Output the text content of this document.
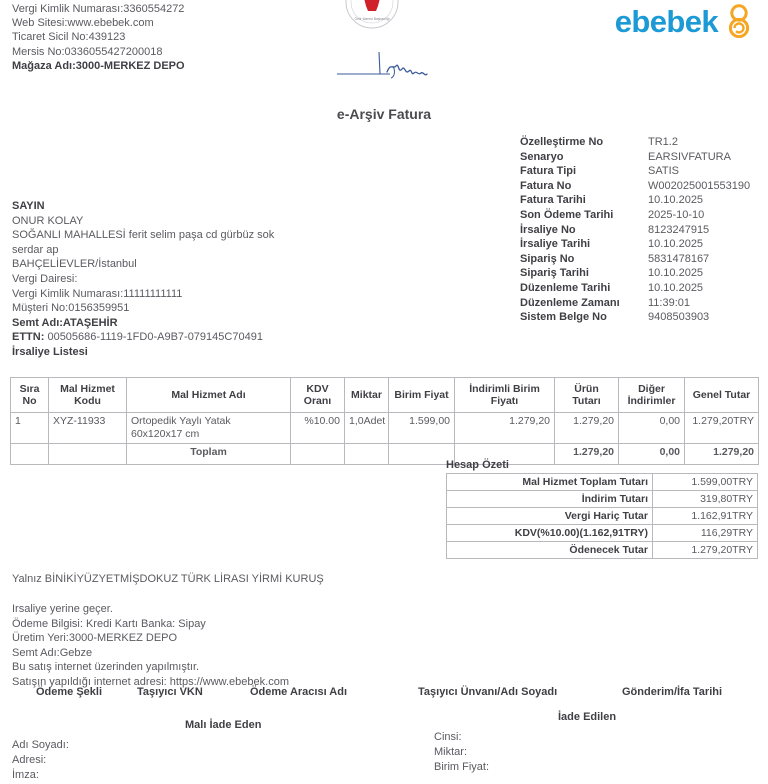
Vergi Kimlik Numarası:3360554272
Web Sitesi:www.ebebek.com
Ticaret Sicil No:439123
Mersis No:0336055427200018
Mağaza Adı:3000-MERKEZ DEPO
Gelir İdaresi Başkanlığı	ebebek
e-Arşiv Fatura
Özelleştirme No	TR1.2
Senaryo	EARSIVFATURA
Fatura Tipi	SATIS
Fatura No	W002025001553190
Fatura Tarihi	10.10.2025
Son Ödeme Tarihi	2025-10-10
İrsaliye No	8123247915
İrsaliye Tarihi	10.10.2025
Sipariş No	5831478167
Sipariş Tarihi	10.10.2025
Düzenleme Tarihi	10.10.2025
Düzenleme Zamanı	11:39:01
Sistem Belge No	9408503903
SAYIN
ONUR KOLAY
SOĞANLI MAHALLESİ ferit selim paşa cd gürbüz sok
serdar ap
BAHÇELİEVLER/İstanbul
Vergi Dairesi:
Vergi Kimlik Numarası:11111111111
Müşteri No:0156359951
Semt Adı:ATAŞEHİR
ETTN: 00505686-1119-1FD0-A9B7-079145C70491
İrsaliye Listesi
Sıra No	Mal Hizmet Kodu	Mal Hizmet Adı	KDV Oranı	Miktar	Birim Fiyat	İndirimli Birim Fiyatı	Ürün Tutarı	Diğer İndirimler	Genel Tutar
1	XYZ-11933	Ortopedik Yaylı Yatak
60x120x17 cm	%10.00	1,0Adet	1.599,00	1.279,20	1.279,20	0,00	1.279,20TRY
		Toplam					1.279,20	0,00	1.279,20
Hesap Özeti
Mal Hizmet Toplam Tutarı	1.599,00TRY
İndirim Tutarı	319,80TRY
Vergi Hariç Tutar	1.162,91TRY
KDV(%10.00)(1.162,91TRY)	116,29TRY
Ödenecek Tutar	1.279,20TRY
Yalnız BİNİKİYÜZYETMİŞDOKUZ TÜRK LİRASI YİRMİ KURUŞ
Irsaliye yerine geçer.
Ödeme Bilgisi: Kredi Kartı Banka: Sipay
Üretim Yeri:3000-MERKEZ DEPO
Semt Adı:Gebze
Bu satış internet üzerinden yapılmıştır.
Satışın yapıldığı internet adresi: https://www.ebebek.com
Ödeme Şekli	Taşıyıcı VKN	Ödeme Aracısı Adı	Taşıyıcı Ünvanı/Adı Soyadı	Gönderim/İfa Tarihi
Malı İade Eden
İade Edilen
Adı Soyadı:
Adresi:
İmza:
Cinsi:
Miktar:
Birim Fiyat:
